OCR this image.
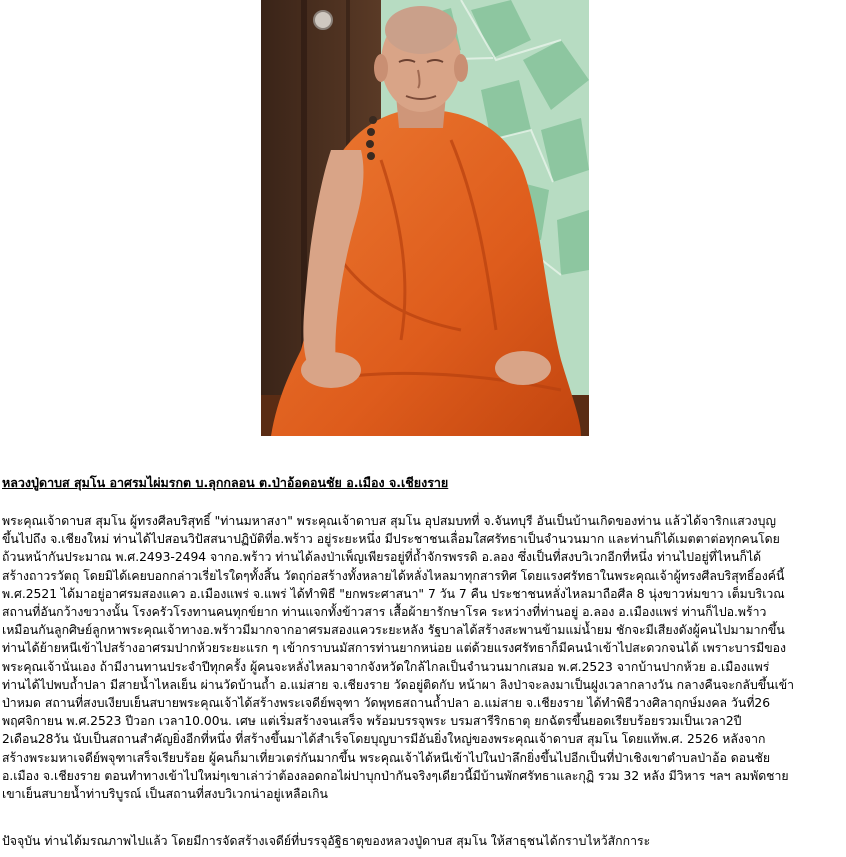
หลวงปู่ดาบส สุมโน อาศรมไผ่มรกต บ.ลุกกลอน ต.ป่าอ้อดอนชัย อ.เมือง จ.เชียงราย
พระคุณเจ้าดาบส สุมโน ผู้ทรงศีลบริสุทธิ์ "ท่านมหาสงา" พระคุณเจ้าดาบส สุมโน อุปสมบทที่ จ.จันทบุรี อันเป็นบ้านเกิดของท่าน แล้วได้จาริกแสวงบุญ
ขึ้นไปถึง จ.เชียงใหม่ ท่านได้ไปสอนวิปัสสนาปฏิบัติที่อ.พร้าว อยู่ระยะหนึ่ง มีประชาชนเลื่อมใสศรัทธาเป็นจำนวนมาก และท่านก็ได้เมตตาต่อทุกคนโดย
ถ้วนหน้ากันประมาณ พ.ศ.2493-2494 จากอ.พร้าว ท่านได้ลงป่าเพ็ญเพียรอยู่ที่ถ้ำจักรพรรดิ อ.ลอง ซึ่งเป็นที่สงบวิเวกอีกที่หนึ่ง ท่านไปอยู่ที่ไหนก็ได้
สร้างถาวรวัตถุ โดยมิได้เคยบอกกล่าวเรี่ยไรใดๆทั้งสิ้น วัตถุก่อสร้างทั้งหลายได้หลั่งไหลมาทุกสารทิศ โดยแรงศรัทธาในพระคุณเจ้าผู้ทรงศีลบริสุทธิ์องค์นี้
พ.ศ.2521 ได้มาอยู่อาศรมสองแคว อ.เมืองแพร่ จ.แพร่ ได้ทำพิธี "ยกพระศาสนา" 7 วัน 7 คืน ประชาชนหลั่งไหลมาถือศีล 8 นุ่งขาวห่มขาว เต็มบริเวณ
สถานที่อันกว้างขวางนั้น โรงครัวโรงทานคนทุกข์ยาก ท่านแจกทั้งข้าวสาร เสื้อผ้ายารักษาโรค ระหว่างที่ท่านอยู่ อ.ลอง อ.เมืองแพร่ ท่านก็ไปอ.พร้าว
เหมือนกันลูกศิษย์ลูกหาพระคุณเจ้าทางอ.พร้าวมีมากจากอาศรมสองแควระยะหลัง รัฐบาลได้สร้างสะพานข้ามแม่น้ำยม ชักจะมีเสียงดังผู้คนไปมามากขึ้น
ท่านได้ย้ายหนีเข้าไปสร้างอาศรมปากห้วยระยะแรก ๆ เข้ากราบนมัสการท่านยากหน่อย แต่ด้วยแรงศรัทธาก็มีคนนำเข้าไปสะดวกจนได้ เพราะบารมีของ
พระคุณเจ้านั่นเอง ถ้ามีงานทานประจำปีทุกครั้ง ผู้คนจะหลั่งไหลมาจากจังหวัดใกล้ไกลเป็นจำนวนมากเสมอ พ.ศ.2523 จากบ้านปากห้วย อ.เมืองแพร่
ท่านได้ไปพบถ้ำปลา มีสายน้ำไหลเย็น ผ่านวัดบ้านถ้ำ อ.แม่สาย จ.เชียงราย วัดอยู่ติดกับ หน้าผา ลิงป่าจะลงมาเป็นฝูงเวลากลางวัน กลางคืนจะกลับขึ้นเข้า
ป่าหมด สถานที่สงบเงียบเย็นสบายพระคุณเจ้าได้สร้างพระเจดีย์พจุฑา วัดพุทธสถานถ้ำปลา อ.แม่สาย จ.เชียงราย ได้ทำพิธีวางศิลาฤกษ์มงคล วันที่26
พฤศจิกายน พ.ศ.2523 ปีวอก เวลา10.00น. เศษ แต่เริ่มสร้างจนเสร็จ พร้อมบรรจุพระ บรมสารีริกธาตุ ยกฉัตรขึ้นยอดเรียบร้อยรวมเป็นเวลา2ปี
2เดือน28วัน นับเป็นสถานสำคัญยิ่งอีกที่หนึ่ง ที่สร้างขึ้นมาได้สำเร็จโดยบุญบารมีอันยิ่งใหญ่ของพระคุณเจ้าดาบส สุมโน โดยแท้พ.ศ. 2526 หลังจาก
สร้างพระมหาเจดีย์พจุฑาเสร็จเรียบร้อย ผู้คนก็มาเที่ยวเตร่กันมากขึ้น พระคุณเจ้าได้หนีเข้าไปในป่าลึกยิ่งขึ้นไปอีกเป็นที่ป่าเชิงเขาตำบลป่าอ้อ ดอนชัย
อ.เมือง จ.เชียงราย ตอนทำทางเข้าไปใหม่ๆเขาเล่าว่าต้องลอดกอไผ่ปาบุกป่ากันจริงๆเดียวนี้มีบ้านพักศรัทธาและกุฏิ รวม 32 หลัง มีวิหาร ฯลฯ ลมพัดชาย
เขาเย็นสบายน้ำท่าบริบูรณ์ เป็นสถานที่สงบวิเวกน่าอยู่เหลือเกิน
ปัจจุบัน ท่านได้มรณภาพไปแล้ว โดยมีการจัดสร้างเจดีย์ที่บรรจุอัฐิธาตุของหลวงปู่ดาบส สุมโน ให้สาธุชนได้กราบไหว้สักการะ
